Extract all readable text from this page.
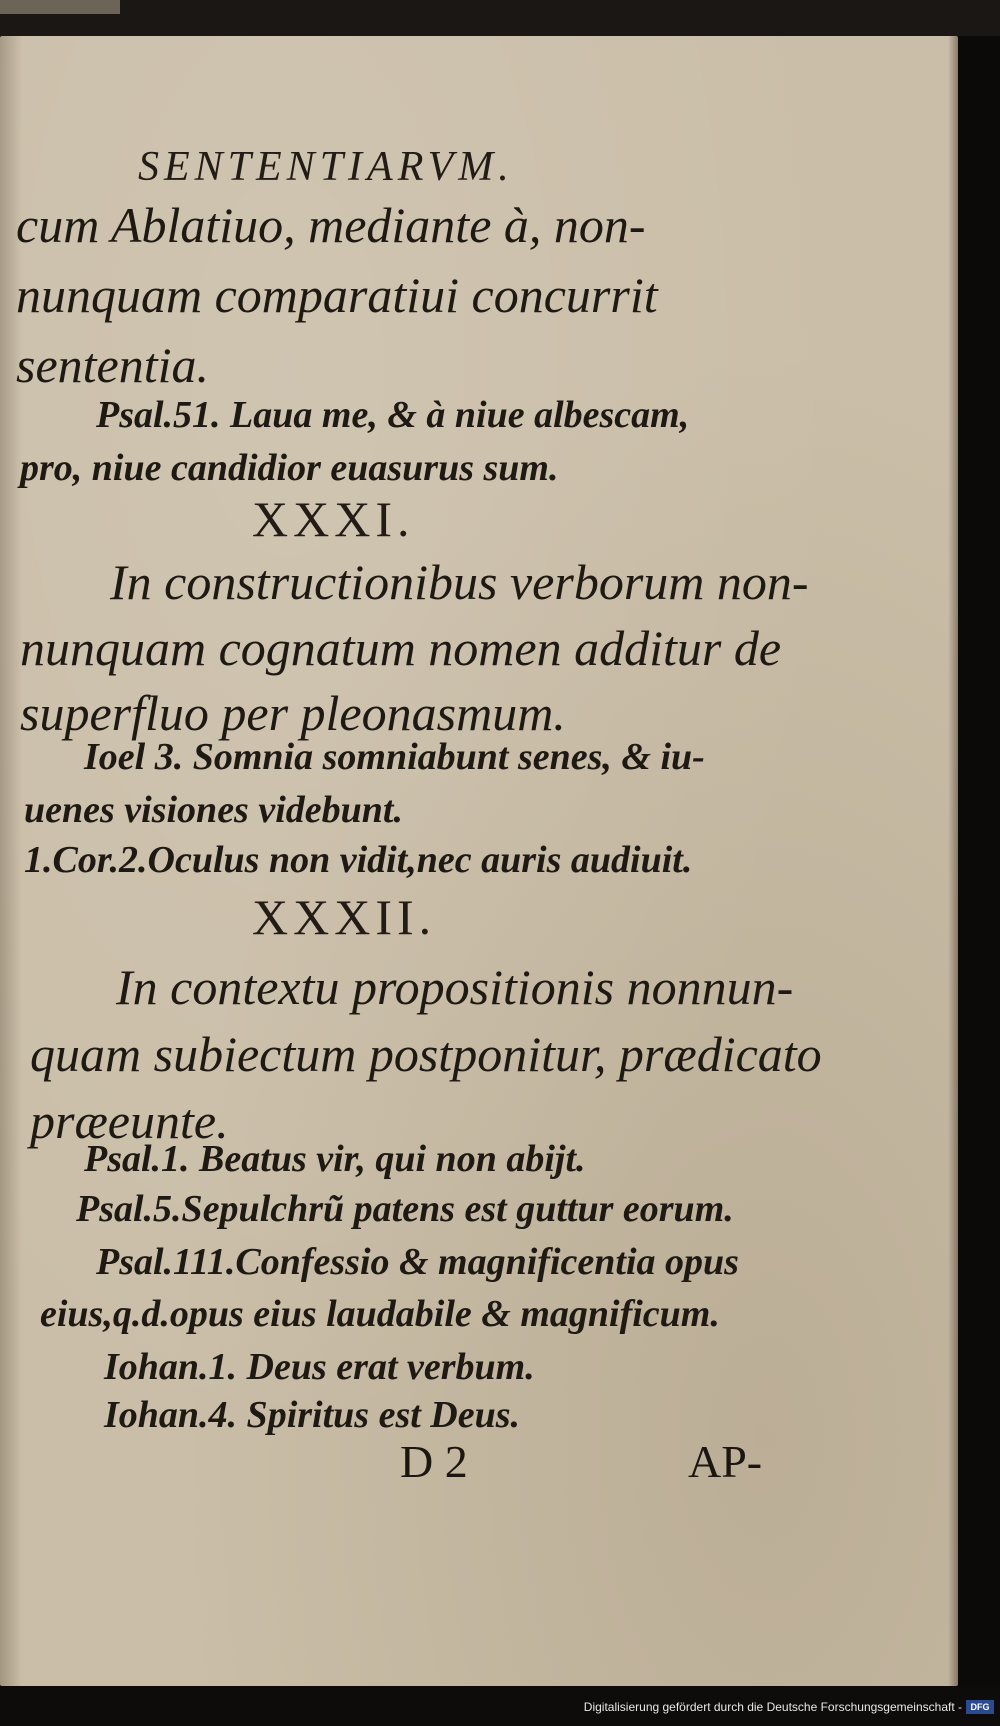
SENTENTIARVM.
cum Ablatiuo, mediante à, non-
nunquam comparatiui concurrit
sententia.
Psal.51. Laua me, & à niue albescam,
pro, niue candidior euasurus sum.
XXXI.
In constructionibus verborum non-
nunquam cognatum nomen additur de
superfluo per pleonasmum.
Ioel 3. Somnia somniabunt senes, & iu-
uenes visiones videbunt.
1.Cor.2.Oculus non vidit,nec auris audiuit.
XXXII.
In contextu propositionis nonnun-
quam subiectum postponitur, prædicato
præeunte.
Psal.1. Beatus vir, qui non abijt.
Psal.5.Sepulchrũ patens est guttur eorum.
Psal.111.Confessio & magnificentia opus
eius,q.d.opus eius laudabile & magnificum.
Iohan.1. Deus erat verbum.
Iohan.4. Spiritus est Deus.
D 2	AP-
Digitalisierung gefördert durch die Deutsche Forschungsgemeinschaft - DFG
